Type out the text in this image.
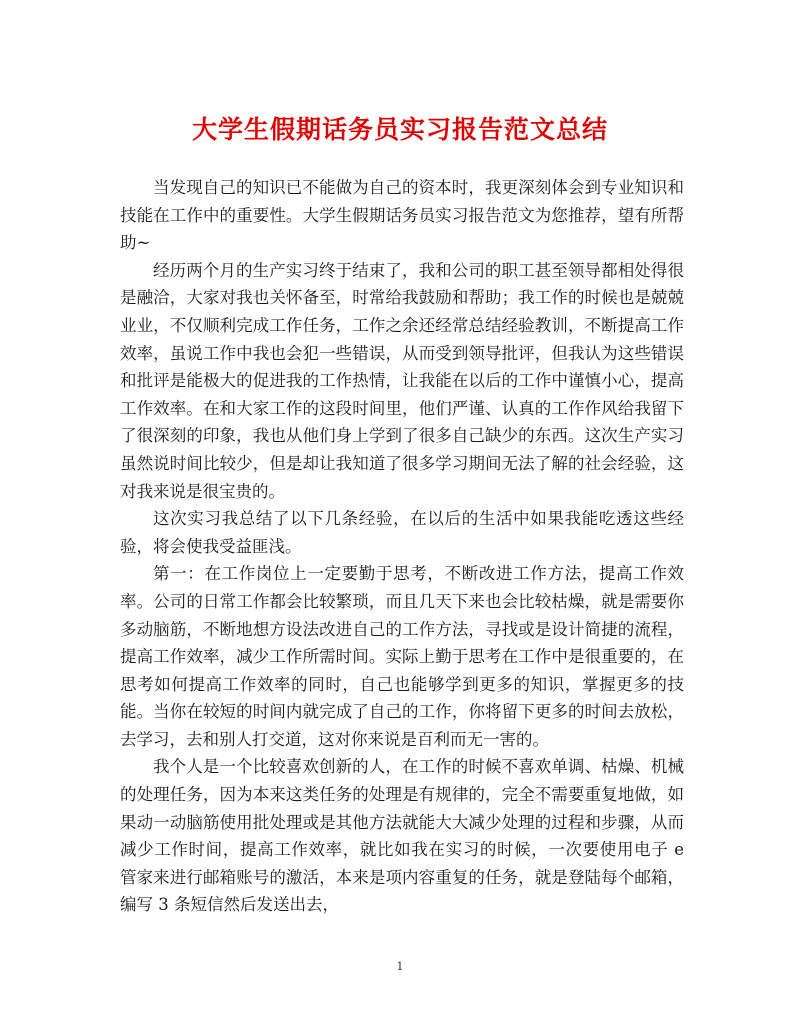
大学生假期话务员实习报告范文总结

当发现自己的知识已不能做为自己的资本时，我更深刻体会到专业知识和技能在工作中的重要性。大学生假期话务员实习报告范文为您推荐，望有所帮助~

经历两个月的生产实习终于结束了，我和公司的职工甚至领导都相处得很是融洽，大家对我也关怀备至，时常给我鼓励和帮助；我工作的时候也是兢兢业业，不仅顺利完成工作任务，工作之余还经常总结经验教训，不断提高工作效率，虽说工作中我也会犯一些错误，从而受到领导批评，但我认为这些错误和批评是能极大的促进我的工作热情，让我能在以后的工作中谨慎小心，提高工作效率。在和大家工作的这段时间里，他们严谨、认真的工作作风给我留下了很深刻的印象，我也从他们身上学到了很多自己缺少的东西。这次生产实习虽然说时间比较少，但是却让我知道了很多学习期间无法了解的社会经验，这对我来说是很宝贵的。

这次实习我总结了以下几条经验，在以后的生活中如果我能吃透这些经验，将会使我受益匪浅。

第一：在工作岗位上一定要勤于思考，不断改进工作方法，提高工作效率。公司的日常工作都会比较繁琐，而且几天下来也会比较枯燥，就是需要你多动脑筋，不断地想方设法改进自己的工作方法，寻找或是设计简捷的流程，提高工作效率，减少工作所需时间。实际上勤于思考在工作中是很重要的，在思考如何提高工作效率的同时，自己也能够学到更多的知识，掌握更多的技能。当你在较短的时间内就完成了自己的工作，你将留下更多的时间去放松，去学习，去和别人打交道，这对你来说是百利而无一害的。

我个人是一个比较喜欢创新的人，在工作的时候不喜欢单调、枯燥、机械的处理任务，因为本来这类任务的处理是有规律的，完全不需要重复地做，如果动一动脑筋使用批处理或是其他方法就能大大减少处理的过程和步骤，从而减少工作时间，提高工作效率，就比如我在实习的时候，一次要使用电子 e 管家来进行邮箱账号的激活，本来是项内容重复的任务，就是登陆每个邮箱，编写 3 条短信然后发送出去，

1
